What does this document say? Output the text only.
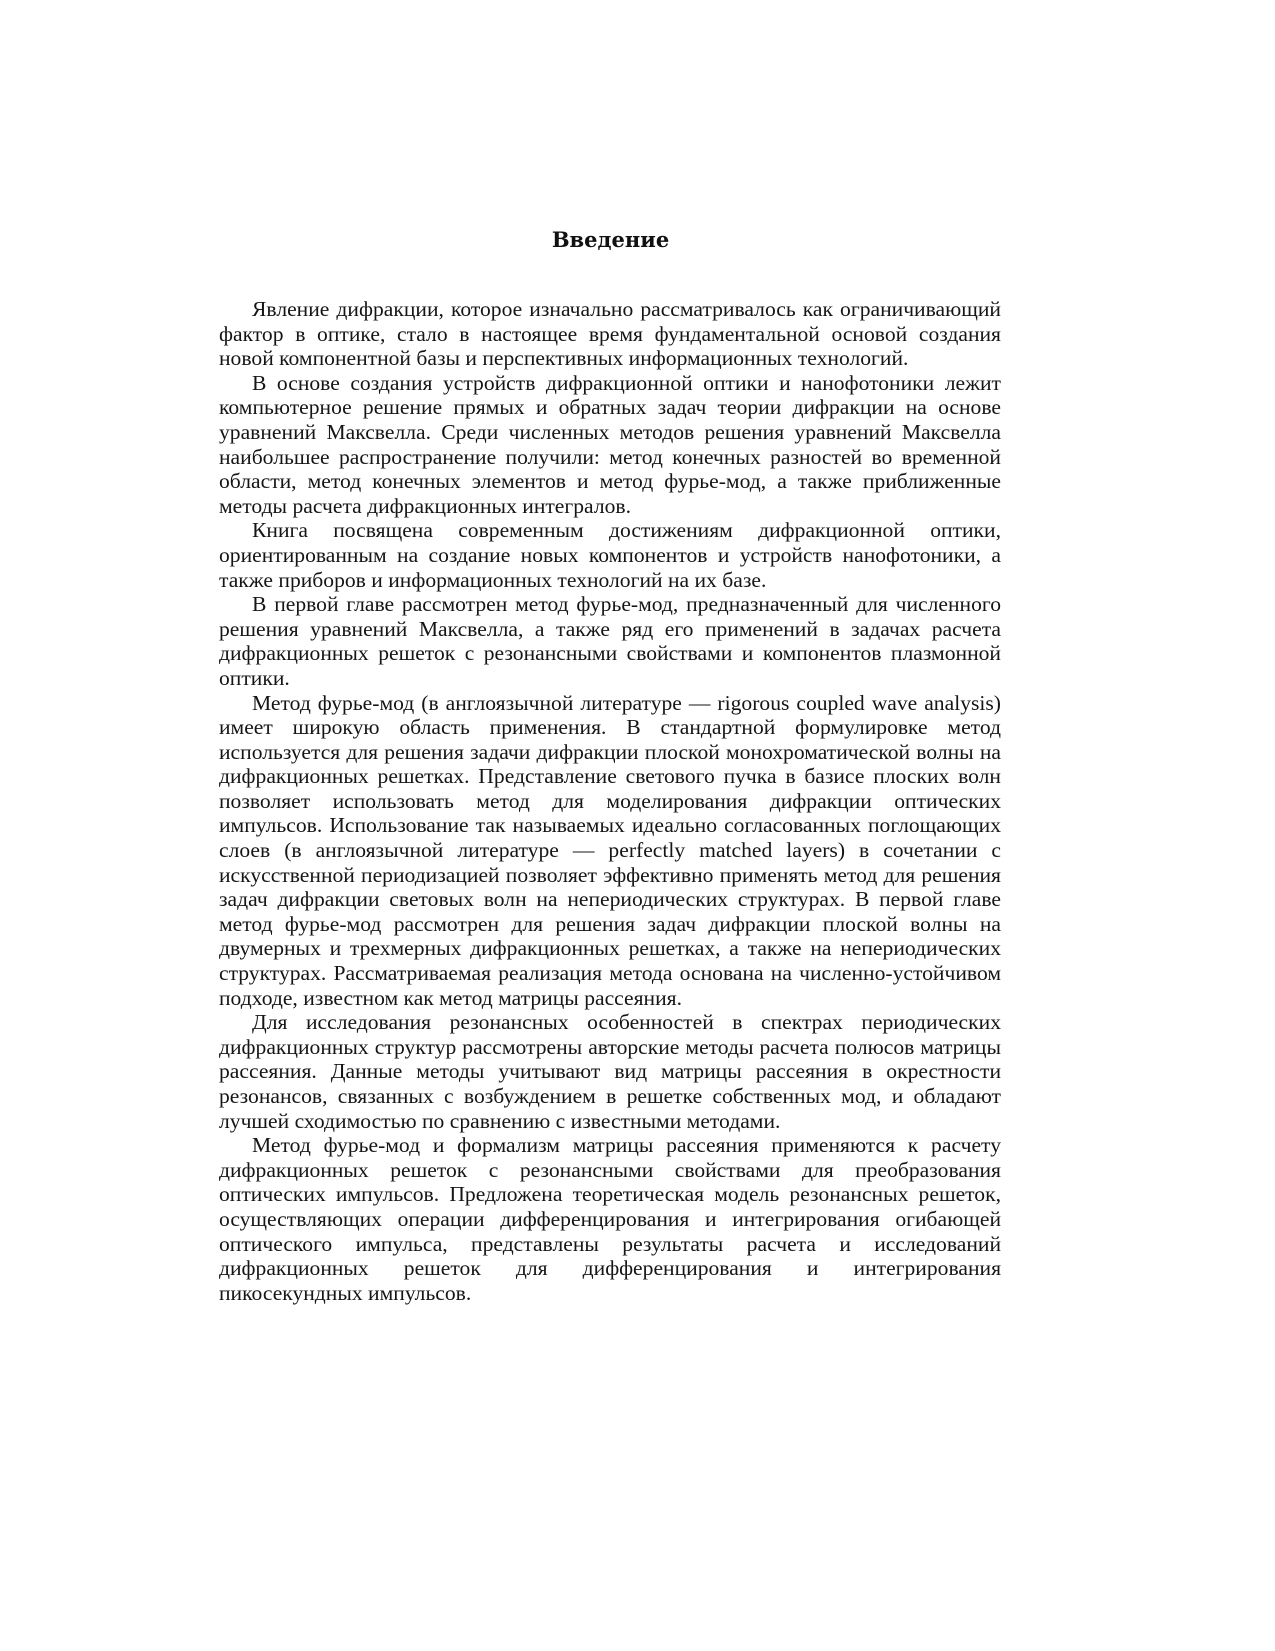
Введение

Явление дифракции, которое изначально рассматривалось как ограничивающий фактор в оптике, стало в настоящее время фундаментальной основой создания новой компонентной базы и перспективных информационных технологий.

В основе создания устройств дифракционной оптики и нанофотоники лежит компьютерное решение прямых и обратных задач теории дифракции на основе уравнений Максвелла. Среди численных методов решения уравнений Максвелла наибольшее распространение получили: метод конечных разностей во временной области, метод конечных элементов и метод фурье-мод, а также приближенные методы расчета дифракционных интегралов.

Книга посвящена современным достижениям дифракционной оптики, ориентированным на создание новых компонентов и устройств нанофотоники, а также приборов и информационных технологий на их базе.

В первой главе рассмотрен метод фурье-мод, предназначенный для численного решения уравнений Максвелла, а также ряд его применений в задачах расчета дифракционных решеток с резонансными свойствами и компонентов плазмонной оптики.

Метод фурье-мод (в англоязычной литературе — rigorous coupled wave analysis) имеет широкую область применения. В стандартной формулировке метод используется для решения задачи дифракции плоской монохроматической волны на дифракционных решетках. Представление светового пучка в базисе плоских волн позволяет использовать метод для моделирования дифракции оптических импульсов. Использование так называемых идеально согласованных поглощающих слоев (в англоязычной литературе — perfectly matched layers) в сочетании с искусственной периодизацией позволяет эффективно применять метод для решения задач дифракции световых волн на непериодических структурах. В первой главе метод фурье-мод рассмотрен для решения задач дифракции плоской волны на двумерных и трехмерных дифракционных решетках, а также на непериодических структурах. Рассматриваемая реализация метода основана на численно-устойчивом подходе, известном как метод матрицы рассеяния.

Для исследования резонансных особенностей в спектрах периодических дифракционных структур рассмотрены авторские методы расчета полюсов матрицы рассеяния. Данные методы учитывают вид матрицы рассеяния в окрестности резонансов, связанных с возбуждением в решетке собственных мод, и обладают лучшей сходимостью по сравнению с известными методами.

Метод фурье-мод и формализм матрицы рассеяния применяются к расчету дифракционных решеток с резонансными свойствами для преобразования оптических импульсов. Предложена теоретическая модель резонансных решеток, осуществляющих операции дифференцирования и интегрирования огибающей оптического импульса, представлены результаты расчета и исследований дифракционных решеток для дифференцирования и интегрирования пикосекундных импульсов.
